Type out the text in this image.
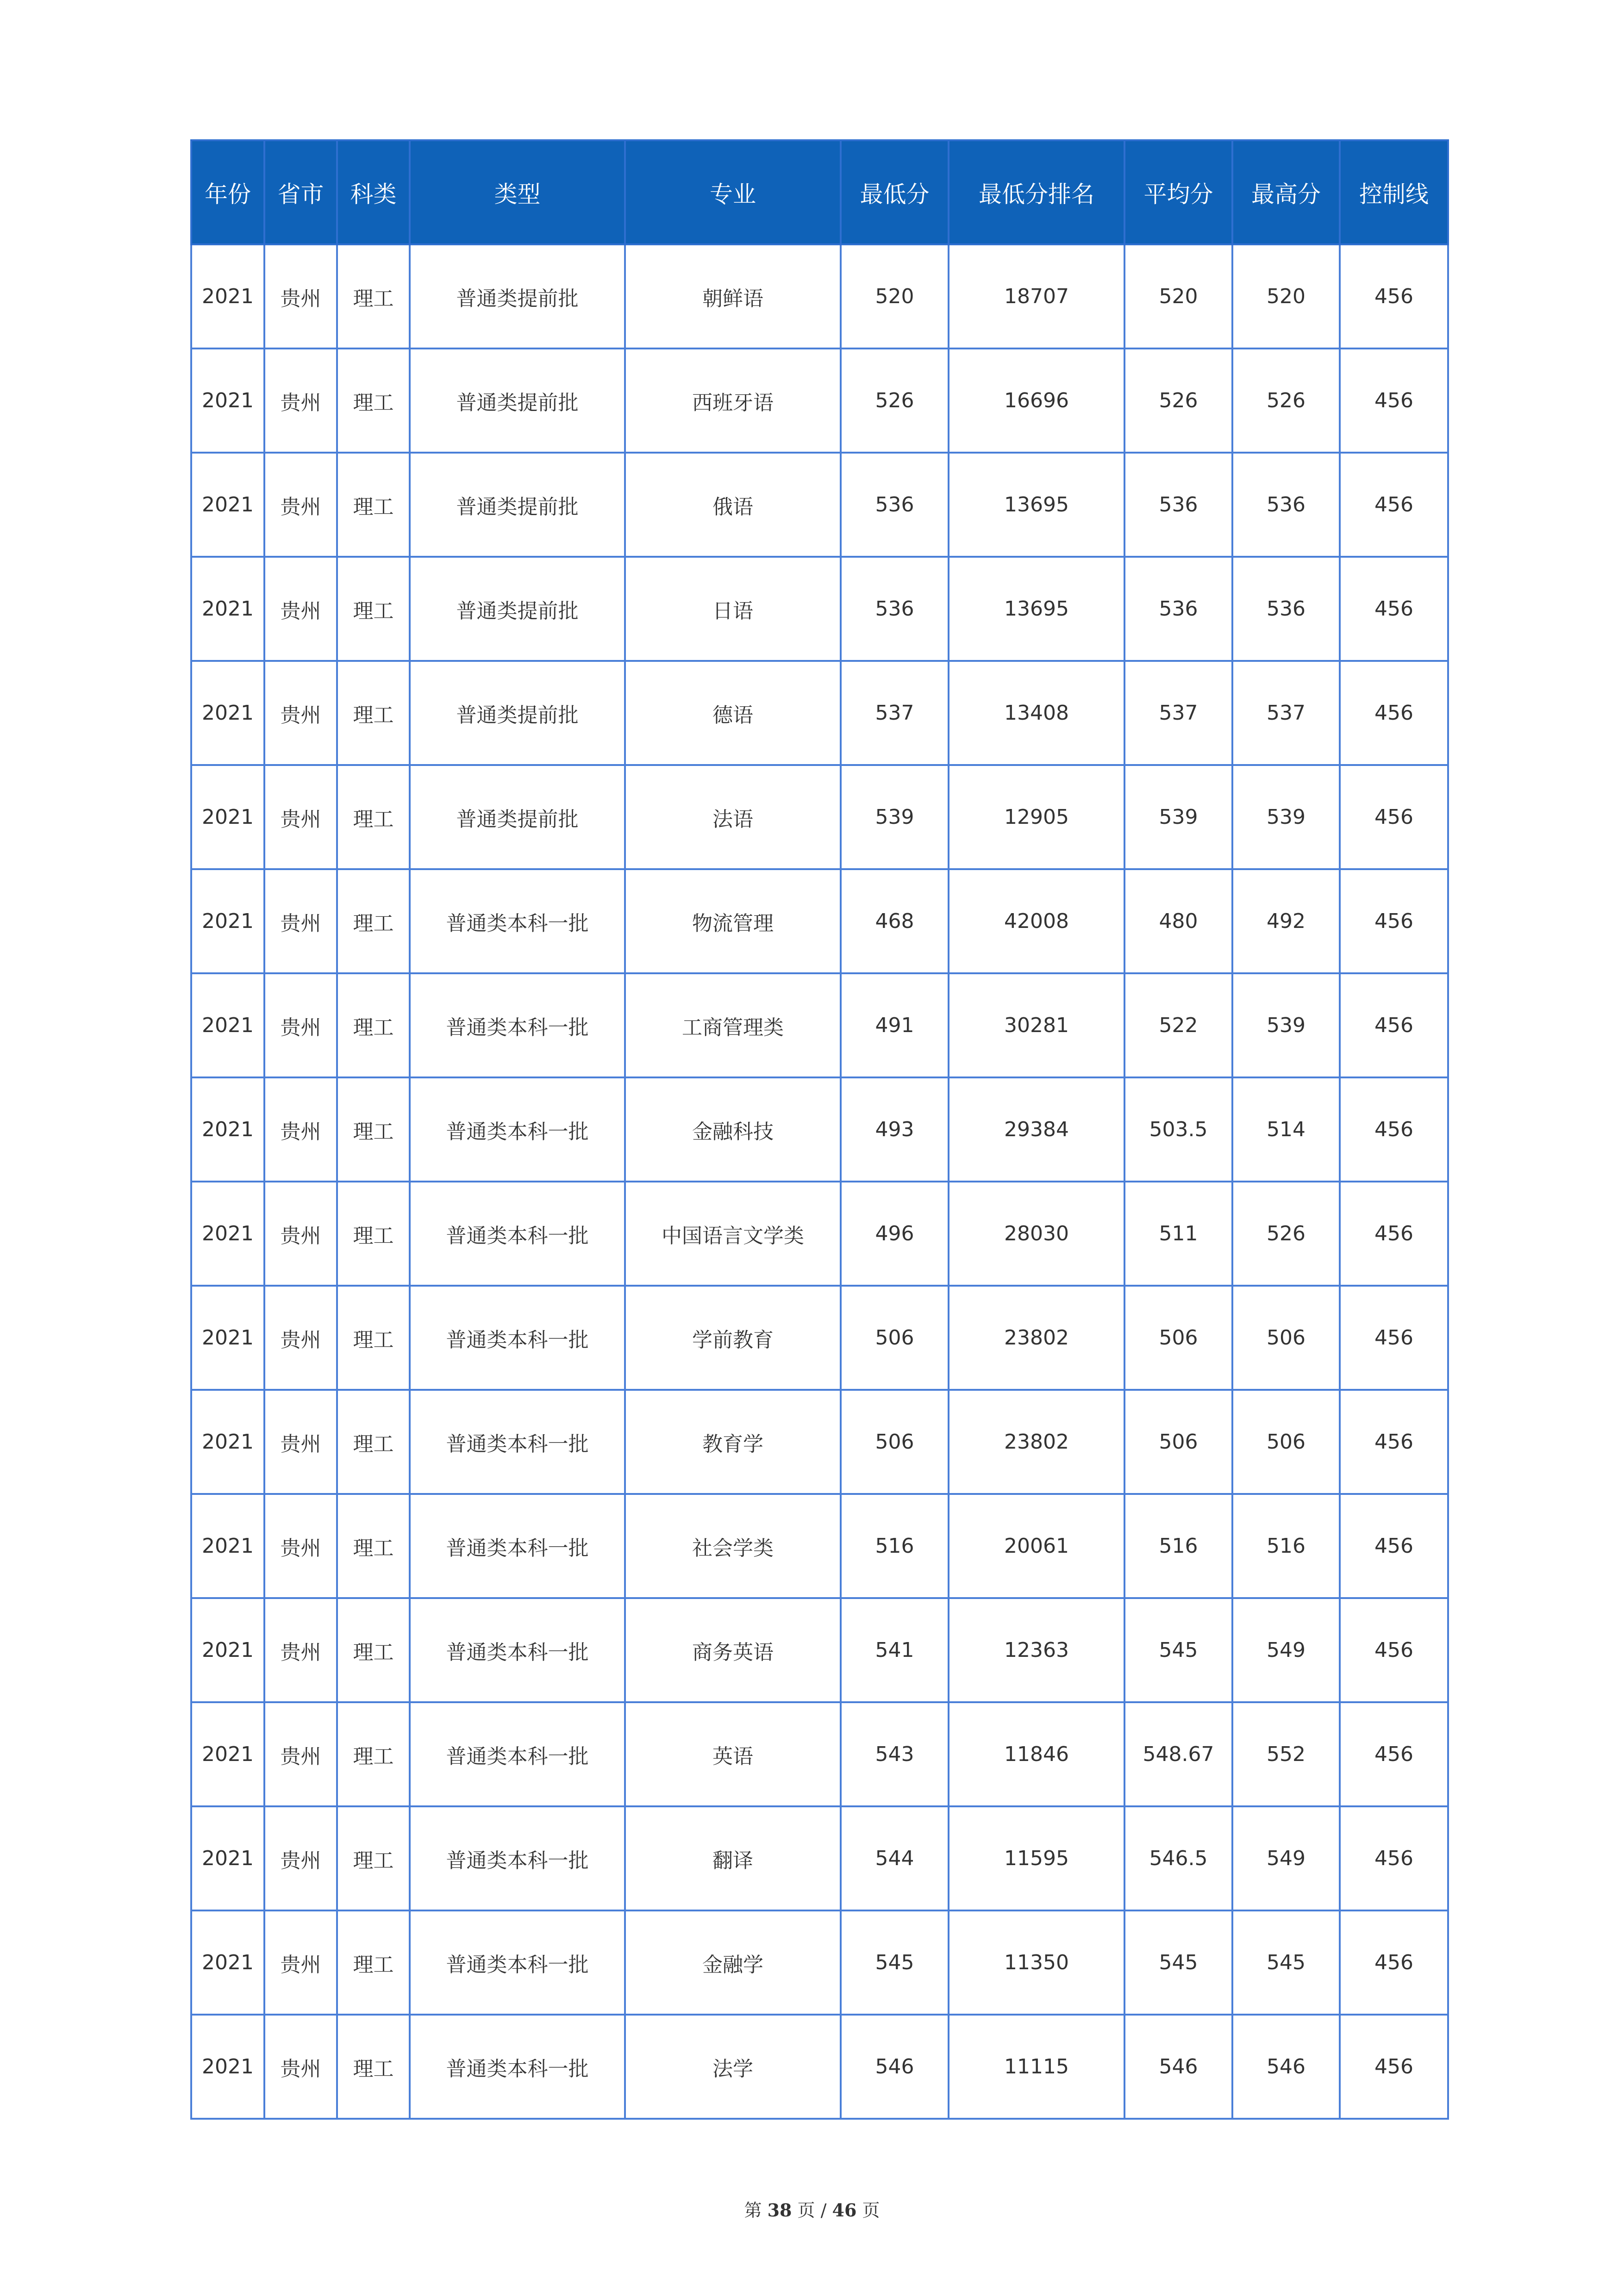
年份	省市	科类	类型	专业	最低分	最低分排名	平均分	最高分	控制线
2021	贵州	理工	普通类提前批	朝鲜语	520	18707	520	520	456
2021	贵州	理工	普通类提前批	西班牙语	526	16696	526	526	456
2021	贵州	理工	普通类提前批	俄语	536	13695	536	536	456
2021	贵州	理工	普通类提前批	日语	536	13695	536	536	456
2021	贵州	理工	普通类提前批	德语	537	13408	537	537	456
2021	贵州	理工	普通类提前批	法语	539	12905	539	539	456
2021	贵州	理工	普通类本科一批	物流管理	468	42008	480	492	456
2021	贵州	理工	普通类本科一批	工商管理类	491	30281	522	539	456
2021	贵州	理工	普通类本科一批	金融科技	493	29384	503.5	514	456
2021	贵州	理工	普通类本科一批	中国语言文学类	496	28030	511	526	456
2021	贵州	理工	普通类本科一批	学前教育	506	23802	506	506	456
2021	贵州	理工	普通类本科一批	教育学	506	23802	506	506	456
2021	贵州	理工	普通类本科一批	社会学类	516	20061	516	516	456
2021	贵州	理工	普通类本科一批	商务英语	541	12363	545	549	456
2021	贵州	理工	普通类本科一批	英语	543	11846	548.67	552	456
2021	贵州	理工	普通类本科一批	翻译	544	11595	546.5	549	456
2021	贵州	理工	普通类本科一批	金融学	545	11350	545	545	456
2021	贵州	理工	普通类本科一批	法学	546	11115	546	546	456
第 38 页 / 46 页
